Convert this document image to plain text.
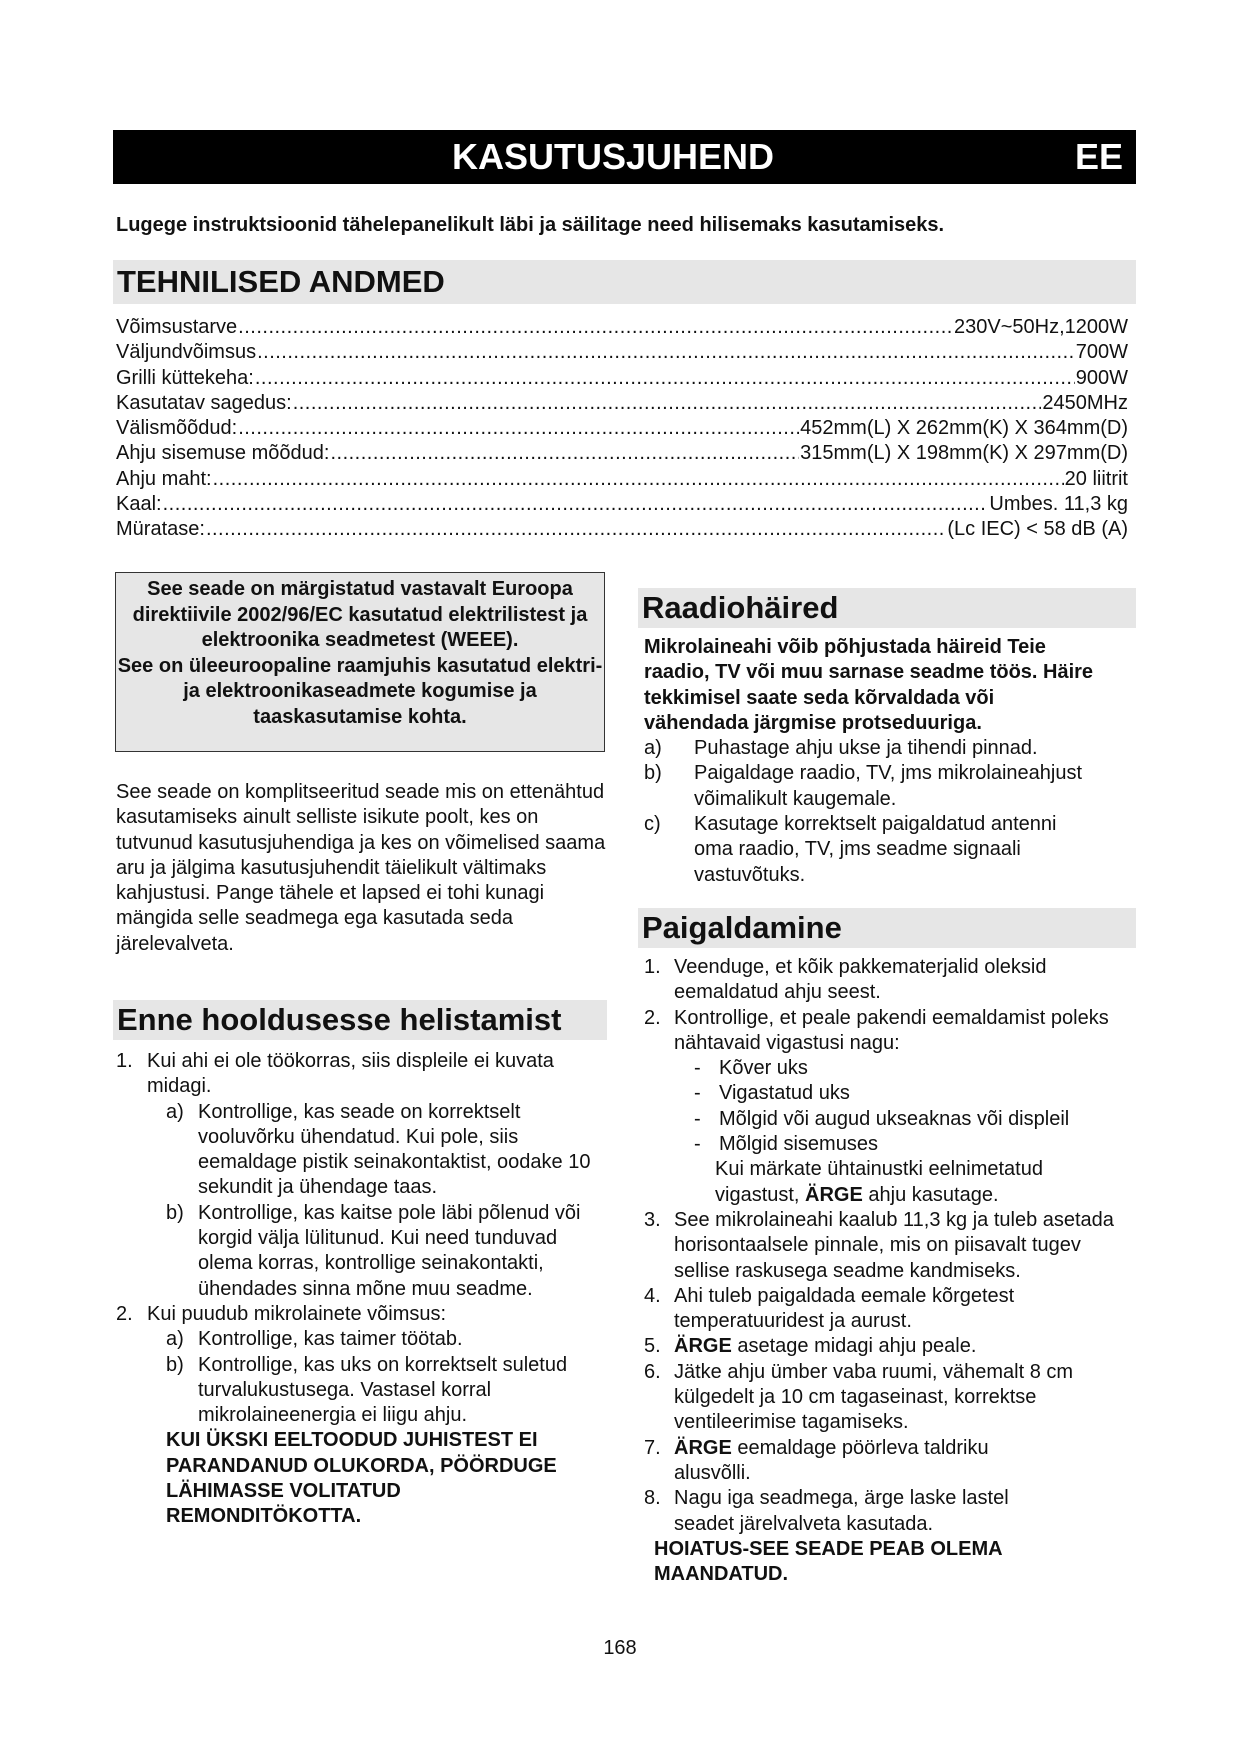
KASUTUSJUHEND	EE
Lugege instruktsioonid tähelepanelikult läbi ja säilitage need hilisemaks kasutamiseks.
TEHNILISED ANDMED
Võimsustarve .....	230V~50Hz,1200W
Väljundvõimsus .....	700W
Grilli küttekeha: .....	900W
Kasutatav sagedus: .....	2450MHz
Välismõõdud: .....	452mm(L) X 262mm(K) X 364mm(D)
Ahju sisemuse mõõdud: .....	315mm(L) X 198mm(K) X 297mm(D)
Ahju maht: .....	20 liitrit
Kaal: .....	Umbes. 11,3 kg
Müratase: .....	(Lc IEC) < 58 dB (A)

See seade on märgistatud vastavalt Euroopa direktiivile 2002/96/EC kasutatud elektrilistest ja elektroonika seadmetest (WEEE).

See on üleeuroopaline raamjuhis kasutatud elektri- ja elektroonikaseadmete kogumise ja taaskasutamise kohta.

See seade on komplitseeritud seade mis on ettenähtud kasutamiseks ainult selliste isikute poolt, kes on tutvunud kasutusjuhendiga ja kes on võimelised saama aru ja jälgima kasutusjuhendit täielikult vältimaks kahjustusi. Pange tähele et lapsed ei tohi kunagi mängida selle seadmega ega kasutada seda järelevalveta.

Enne hooldusesse helistamist
1. Kui ahi ei ole töökorras, siis displeile ei kuvata midagi.

a) Kontrollige, kas seade on korrektselt vooluvõrku ühendatud. Kui pole, siis eemaldage pistik seinakontaktist, oodake 10 sekundit ja ühendage taas.

b) Kontrollige, kas kaitse pole läbi põlenud või korgid välja lülitunud. Kui need tunduvad olema korras, kontrollige seinakontakti, ühendades sinna mõne muu seadme.

2. Kui puudub mikrolainete võimsus:

a) Kontrollige, kas taimer töötab.

b) Kontrollige, kas uks on korrektselt suletud turvalukustusega. Vastasel korral mikrolaineenergia ei liigu ahju.

KUI ÜKSKI EELTOODUD JUHISTEST EI PARANDANUD OLUKORDA, PÖÖRDUGE LÄHIMASSE VOLITATUD REMONDITÖKOTTA.

Raadiohäired

Mikrolaineahi võib põhjustada häireid Teie raadio, TV või muu sarnase seadme töös. Häire tekkimisel saate seda kõrvaldada või vähendada järgmise protseduuriga.

a) Puhastage ahju ukse ja tihendi pinnad.

b) Paigaldage raadio, TV, jms mikrolaineahjust võimalikult kaugemale.

c) Kasutage korrektselt paigaldatud antenni oma raadio, TV, jms seadme signaali vastuvõtuks.

Paigaldamine
1. Veenduge, et kõik pakkematerjalid oleksid eemaldatud ahju seest.

2. Kontrollige, et peale pakendi eemaldamist poleks nähtavaid vigastusi nagu:

- Kõver uks

- Vigastatud uks

- Mõlgid või augud ukseaknas või displeil

- Mõlgid sisemuses

Kui märkate ühtainustki eelnimetatud vigastust, ÄRGE ahju kasutage.

3. See mikrolaineahi kaalub 11,3 kg ja tuleb asetada horisontaalsele pinnale, mis on piisavalt tugev sellise raskusega seadme kandmiseks.

4. Ahi tuleb paigaldada eemale kõrgetest temperatuuridest ja aurust.

5. ÄRGE asetage midagi ahju peale.

6. Jätke ahju ümber vaba ruumi, vähemalt 8 cm külgedelt ja 10 cm tagaseinast, korrektse ventileerimise tagamiseks.

7. ÄRGE eemaldage pöörleva taldriku alusvõlli.

8. Nagu iga seadmega, ärge laske lastel seadet järelvalveta kasutada.

HOIATUS-SEE SEADE PEAB OLEMA MAANDATUD.

168
